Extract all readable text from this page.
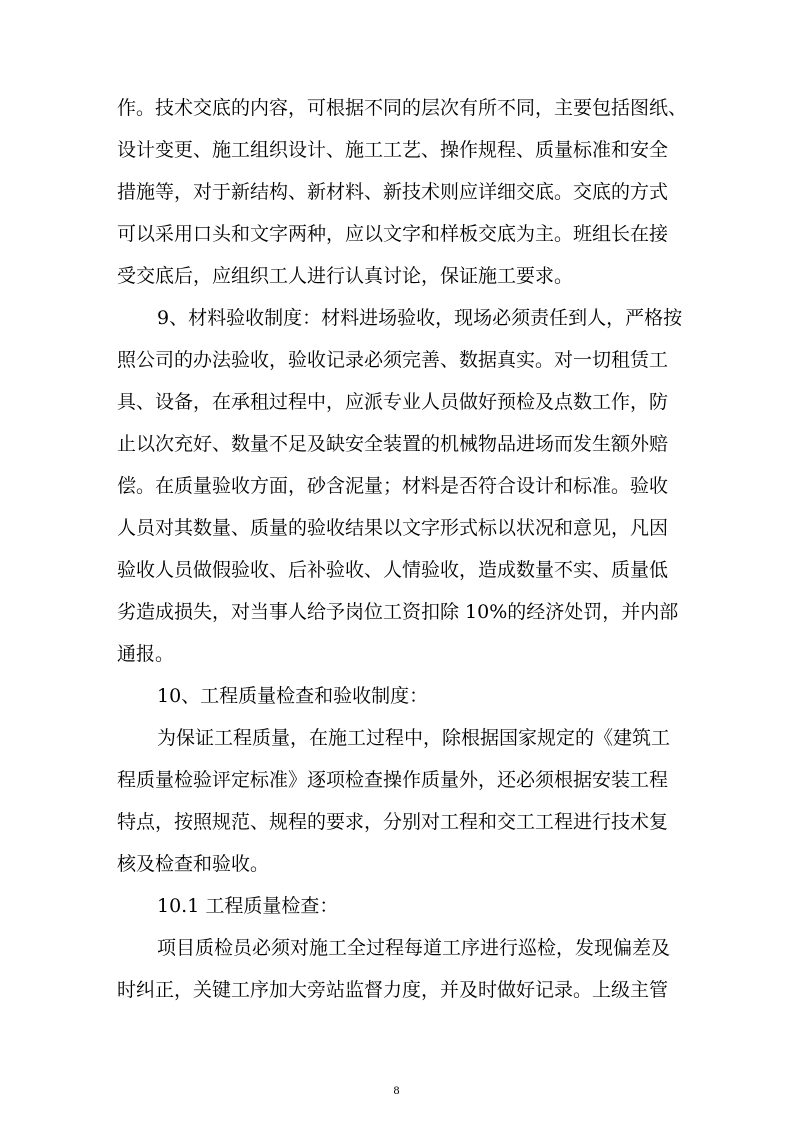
作。技术交底的内容，可根据不同的层次有所不同，主要包括图纸、
设计变更、施工组织设计、施工工艺、操作规程、质量标准和安全
措施等，对于新结构、新材料、新技术则应详细交底。交底的方式
可以采用口头和文字两种，应以文字和样板交底为主。班组长在接
受交底后，应组织工人进行认真讨论，保证施工要求。
9、材料验收制度：材料进场验收，现场必须责任到人，严格按
照公司的办法验收，验收记录必须完善、数据真实。对一切租赁工
具、设备，在承租过程中，应派专业人员做好预检及点数工作，防
止以次充好、数量不足及缺安全装置的机械物品进场而发生额外赔
偿。在质量验收方面，砂含泥量；材料是否符合设计和标准。验收
人员对其数量、质量的验收结果以文字形式标以状况和意见，凡因
验收人员做假验收、后补验收、人情验收，造成数量不实、质量低
劣造成损失，对当事人给予岗位工资扣除 10%的经济处罚，并内部
通报。
10、工程质量检查和验收制度：
为保证工程质量，在施工过程中，除根据国家规定的《建筑工
程质量检验评定标准》逐项检查操作质量外，还必须根据安装工程
特点，按照规范、规程的要求，分别对工程和交工工程进行技术复
核及检查和验收。
10.1 工程质量检查：
项目质检员必须对施工全过程每道工序进行巡检，发现偏差及
时纠正，关键工序加大旁站监督力度，并及时做好记录。上级主管
8
